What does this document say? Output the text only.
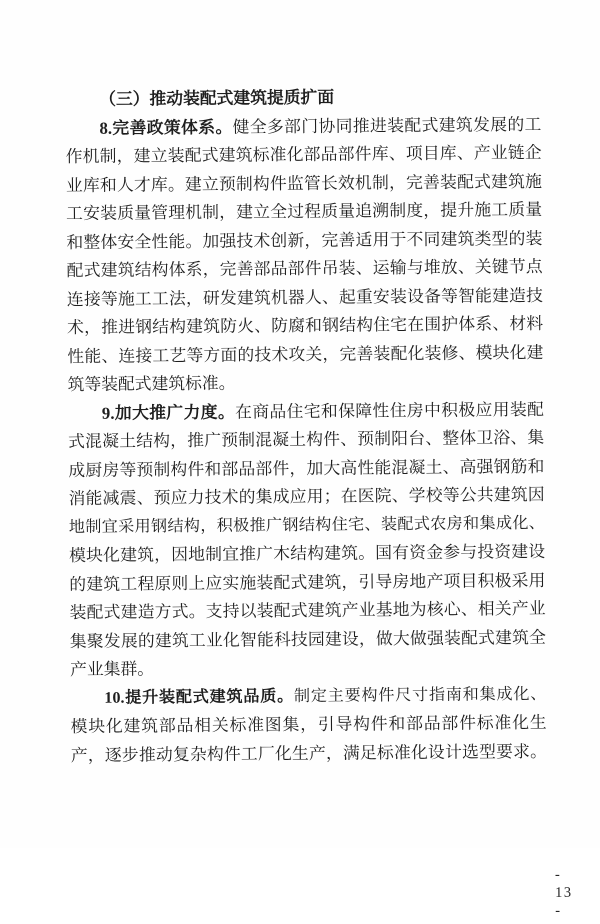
（三）推动装配式建筑提质扩面
8.完善政策体系。健全多部门协同推进装配式建筑发展的工
作机制，建立装配式建筑标准化部品部件库、项目库、产业链企
业库和人才库。建立预制构件监管长效机制，完善装配式建筑施
工安装质量管理机制，建立全过程质量追溯制度，提升施工质量
和整体安全性能。加强技术创新，完善适用于不同建筑类型的装
配式建筑结构体系，完善部品部件吊装、运输与堆放、关键节点
连接等施工工法，研发建筑机器人、起重安装设备等智能建造技
术，推进钢结构建筑防火、防腐和钢结构住宅在围护体系、材料
性能、连接工艺等方面的技术攻关，完善装配化装修、模块化建
筑等装配式建筑标准。
9.加大推广力度。在商品住宅和保障性住房中积极应用装配
式混凝土结构，推广预制混凝土构件、预制阳台、整体卫浴、集
成厨房等预制构件和部品部件，加大高性能混凝土、高强钢筋和
消能减震、预应力技术的集成应用；在医院、学校等公共建筑因
地制宜采用钢结构，积极推广钢结构住宅、装配式农房和集成化、
模块化建筑，因地制宜推广木结构建筑。国有资金参与投资建设
的建筑工程原则上应实施装配式建筑，引导房地产项目积极采用
装配式建造方式。支持以装配式建筑产业基地为核心、相关产业
集聚发展的建筑工业化智能科技园建设，做大做强装配式建筑全
产业集群。
10.提升装配式建筑品质。制定主要构件尺寸指南和集成化、
模块化建筑部品相关标准图集，引导构件和部品部件标准化生
产，逐步推动复杂构件工厂化生产，满足标准化设计选型要求。
- 13 -
